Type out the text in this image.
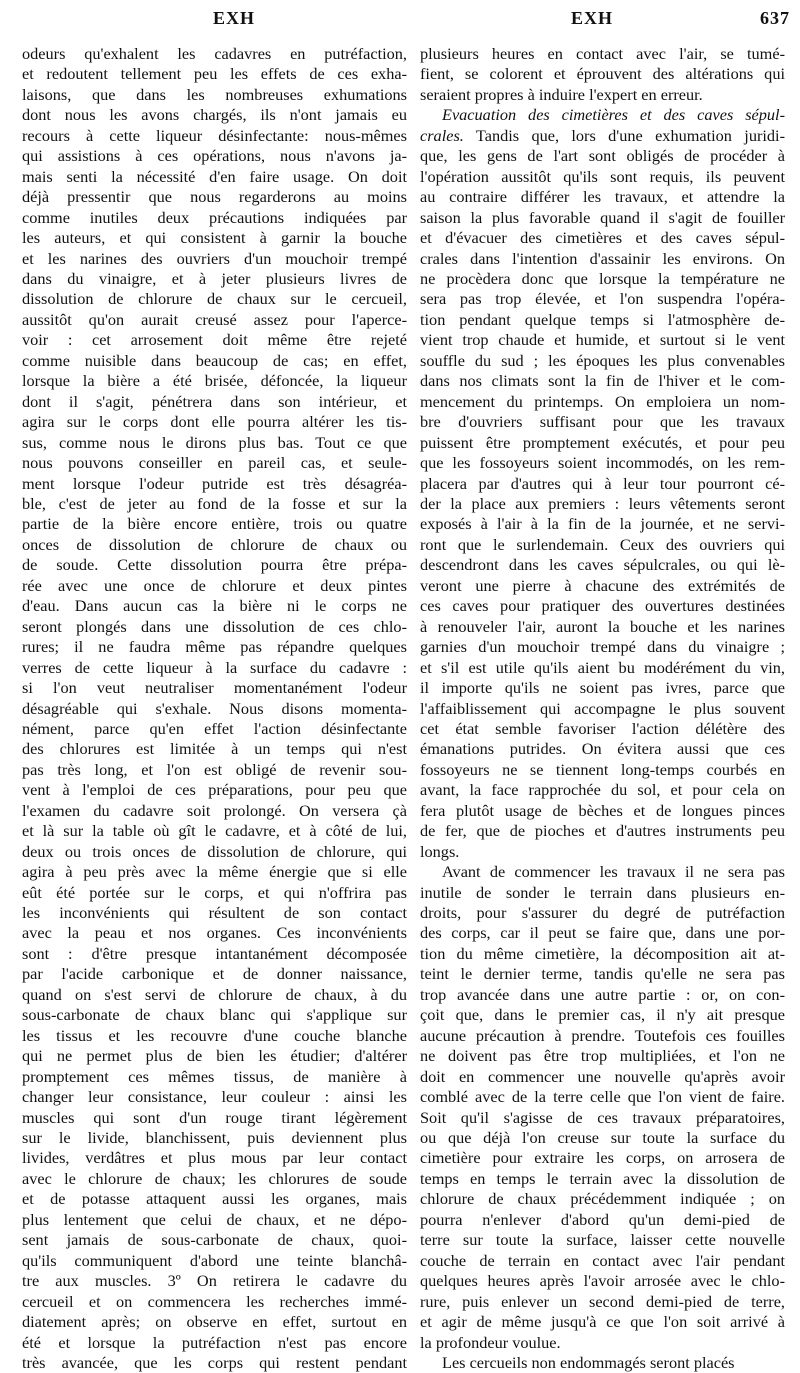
EXH	EXH	637
odeurs qu'exhalent les cadavres en putréfaction,
et redoutent tellement peu les effets de ces exha-
laisons, que dans les nombreuses exhumations
dont nous les avons chargés, ils n'ont jamais eu
recours à cette liqueur désinfectante: nous-mêmes
qui assistions à ces opérations, nous n'avons ja-
mais senti la nécessité d'en faire usage. On doit
déjà pressentir que nous regarderons au moins
comme inutiles deux précautions indiquées par
les auteurs, et qui consistent à garnir la bouche
et les narines des ouvriers d'un mouchoir trempé
dans du vinaigre, et à jeter plusieurs livres de
dissolution de chlorure de chaux sur le cercueil,
aussitôt qu'on aurait creusé assez pour l'aperce-
voir : cet arrosement doit même être rejeté
comme nuisible dans beaucoup de cas; en effet,
lorsque la bière a été brisée, défoncée, la liqueur
dont il s'agit, pénétrera dans son intérieur, et
agira sur le corps dont elle pourra altérer les tis-
sus, comme nous le dirons plus bas. Tout ce que
nous pouvons conseiller en pareil cas, et seule-
ment lorsque l'odeur putride est très désagréa-
ble, c'est de jeter au fond de la fosse et sur la
partie de la bière encore entière, trois ou quatre
onces de dissolution de chlorure de chaux ou
de soude. Cette dissolution pourra être prépa-
rée avec une once de chlorure et deux pintes
d'eau. Dans aucun cas la bière ni le corps ne
seront plongés dans une dissolution de ces chlo-
rures; il ne faudra même pas répandre quelques
verres de cette liqueur à la surface du cadavre :
si l'on veut neutraliser momentanément l'odeur
désagréable qui s'exhale. Nous disons momenta-
nément, parce qu'en effet l'action désinfectante
des chlorures est limitée à un temps qui n'est
pas très long, et l'on est obligé de revenir sou-
vent à l'emploi de ces préparations, pour peu que
l'examen du cadavre soit prolongé. On versera çà
et là sur la table où gît le cadavre, et à côté de lui,
deux ou trois onces de dissolution de chlorure, qui
agira à peu près avec la même énergie que si elle
eût été portée sur le corps, et qui n'offrira pas
les inconvénients qui résultent de son contact
avec la peau et nos organes. Ces inconvénients
sont : d'être presque intantanément décomposée
par l'acide carbonique et de donner naissance,
quand on s'est servi de chlorure de chaux, à du
sous-carbonate de chaux blanc qui s'applique sur
les tissus et les recouvre d'une couche blanche
qui ne permet plus de bien les étudier; d'altérer
promptement ces mêmes tissus, de manière à
changer leur consistance, leur couleur : ainsi les
muscles qui sont d'un rouge tirant légèrement
sur le livide, blanchissent, puis deviennent plus
livides, verdâtres et plus mous par leur contact
avec le chlorure de chaux; les chlorures de soude
et de potasse attaquent aussi les organes, mais
plus lentement que celui de chaux, et ne dépo-
sent jamais de sous-carbonate de chaux, quoi-
qu'ils communiquent d'abord une teinte blanchâ-
tre aux muscles. 3º On retirera le cadavre du
cercueil et on commencera les recherches immé-
diatement après; on observe en effet, surtout en
été et lorsque la putréfaction n'est pas encore
très avancée, que les corps qui restent pendant
plusieurs heures en contact avec l'air, se tumé-
fient, se colorent et éprouvent des altérations qui
seraient propres à induire l'expert en erreur.
Evacuation des cimetières et des caves sépul-
crales. Tandis que, lors d'une exhumation juridi-
que, les gens de l'art sont obligés de procéder à
l'opération aussitôt qu'ils sont requis, ils peuvent
au contraire différer les travaux, et attendre la
saison la plus favorable quand il s'agit de fouiller
et d'évacuer des cimetières et des caves sépul-
crales dans l'intention d'assainir les environs. On
ne procèdera donc que lorsque la température ne
sera pas trop élevée, et l'on suspendra l'opéra-
tion pendant quelque temps si l'atmosphère de-
vient trop chaude et humide, et surtout si le vent
souffle du sud ; les époques les plus convenables
dans nos climats sont la fin de l'hiver et le com-
mencement du printemps. On emploiera un nom-
bre d'ouvriers suffisant pour que les travaux
puissent être promptement exécutés, et pour peu
que les fossoyeurs soient incommodés, on les rem-
placera par d'autres qui à leur tour pourront cé-
der la place aux premiers : leurs vêtements seront
exposés à l'air à la fin de la journée, et ne servi-
ront que le surlendemain. Ceux des ouvriers qui
descendront dans les caves sépulcrales, ou qui lè-
veront une pierre à chacune des extrémités de
ces caves pour pratiquer des ouvertures destinées
à renouveler l'air, auront la bouche et les narines
garnies d'un mouchoir trempé dans du vinaigre ;
et s'il est utile qu'ils aient bu modérément du vin,
il importe qu'ils ne soient pas ivres, parce que
l'affaiblissement qui accompagne le plus souvent
cet état semble favoriser l'action délétère des
émanations putrides. On évitera aussi que ces
fossoyeurs ne se tiennent long-temps courbés en
avant, la face rapprochée du sol, et pour cela on
fera plutôt usage de bèches et de longues pinces
de fer, que de pioches et d'autres instruments peu
longs.
Avant de commencer les travaux il ne sera pas
inutile de sonder le terrain dans plusieurs en-
droits, pour s'assurer du degré de putréfaction
des corps, car il peut se faire que, dans une por-
tion du même cimetière, la décomposition ait at-
teint le dernier terme, tandis qu'elle ne sera pas
trop avancée dans une autre partie : or, on con-
çoit que, dans le premier cas, il n'y ait presque
aucune précaution à prendre. Toutefois ces fouilles
ne doivent pas être trop multipliées, et l'on ne
doit en commencer une nouvelle qu'après avoir
comblé avec de la terre celle que l'on vient de faire.
Soit qu'il s'agisse de ces travaux préparatoires,
ou que déjà l'on creuse sur toute la surface du
cimetière pour extraire les corps, on arrosera de
temps en temps le terrain avec la dissolution de
chlorure de chaux précédemment indiquée ; on
pourra n'enlever d'abord qu'un demi-pied de
terre sur toute la surface, laisser cette nouvelle
couche de terrain en contact avec l'air pendant
quelques heures après l'avoir arrosée avec le chlo-
rure, puis enlever un second demi-pied de terre,
et agir de même jusqu'à ce que l'on soit arrivé à
la profondeur voulue.
Les cercueils non endommagés seront placés
